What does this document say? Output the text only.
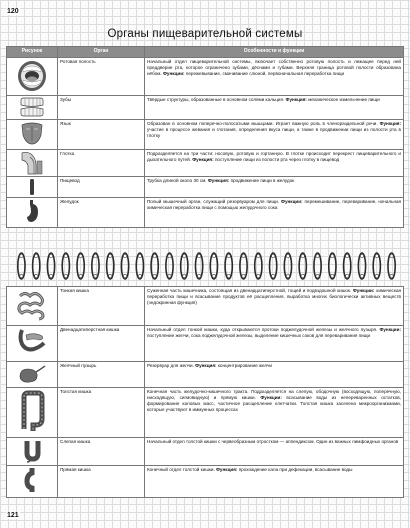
120
121
Органы пищеварительной системы
Рисунок	Орган	Особенности и функции

	Ротовая полость	Начальный отдел пищеварительной системы, включает собственно ротовую полость и лежащее перед ней преддверие рта, которое ограничено зубами, дёснами и губами. Верхняя граница ротовой полости образована нёбом. Функции: пережевывание, смачивание слюной, первоначальная переработка пищи

	Зубы	Твёрдые структуры, образованные в основном солями кальция. Функция: механическое измельчение пищи

	Язык	Образован в основном поперечно-полосатыми мышцами. Играет важную роль в членораздельной речи. Функция: участие в процессе жевания и глотания, определения вкуса пищи, а также в продвижении пищи из полости рта в глотку

	Глотка	Подразделяется на три части: носовую, ротовую и гортанную. В глотке происходит перекрест пищеварительного и дыхательного путей. Функция: поступление пищи из полости рта через глотку в пищевод

	Пищевод	Трубка длиной около 30 см. Функция: продвижение пищи в желудок

	Желудок	Полый мышечный орган, служащий резервуаром для пищи. Функции: перемешивание, переваривание, начальная химическая переработка пищи с помощью желудочного сока
	Тонкая кишка	Суженная часть кишечника, состоящая из двенадцатиперстной, тощей и подвздошной кишок. Функции: химическая переработка пищи и всасывание продуктов её расщепления, выработка многих биологически активных веществ (эндокринная функция)

	Двенадцатиперстная кишка	Начальный отдел тонкой кишки, куда открываются протоки поджелудочной железы и желчного пузыря. Функции: поступление желчи, сока поджелудочной железы, выделение кишечных соков для переваривания пищи

	Желчный пузырь	Резервуар для желчи. Функция: концентрирование желчи

	Толстая кишка	Конечная часть желудочно-кишечного тракта. Подразделяется на слепую, ободочную (восходящую, поперечную, нисходящую, сигмовидную) и прямую кишки. Функции: всасывание воды из непереваренных остатков, формирование каловых масс, частичное расщепление клетчатки. Толстая кишка заселена микроорганизмами, которые участвуют в иммунных процессах

	Слепая кишка	Начальный отдел толстой кишки с червеобразным отростком — аппендиксом. Один из важных лимфоидных органов

	Прямая кишка	Конечный отдел толстой кишки. Функция: прохождение кала при дефекации, всасывание воды
